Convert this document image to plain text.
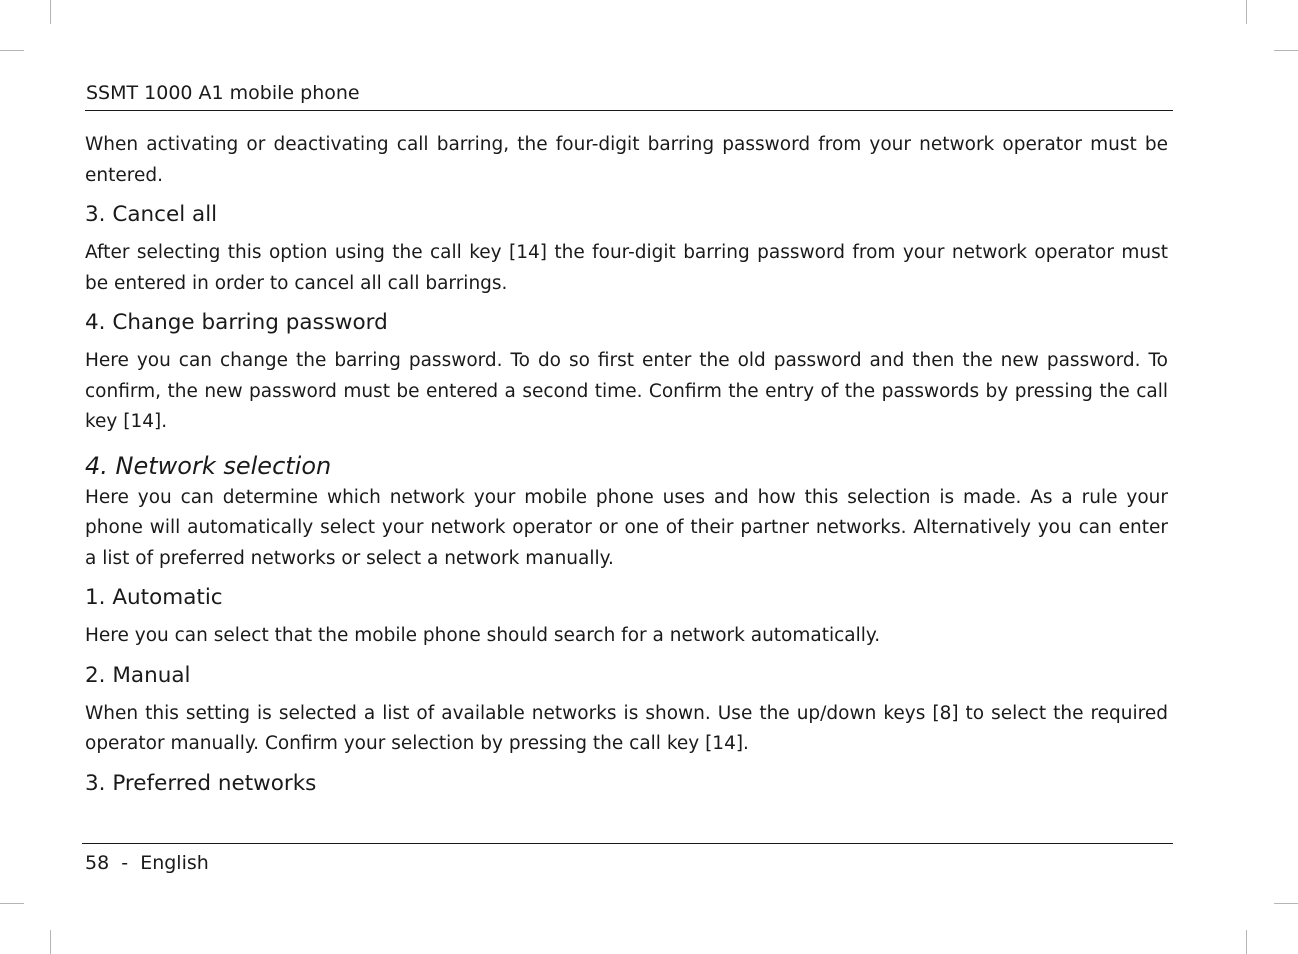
SSMT 1000 A1 mobile phone

When activating or deactivating call barring, the four-digit barring password from your network operator must be entered.

3. Cancel all

After selecting this option using the call key [14] the four-digit barring password from your network operator must be entered in order to cancel all call barrings.

4. Change barring password

Here you can change the barring password. To do so first enter the old password and then the new password. To confirm, the new password must be entered a second time. Confirm the entry of the passwords by pressing the call key [14].

4. Network selection

Here you can determine which network your mobile phone uses and how this selection is made. As a rule your phone will automatically select your network operator or one of their partner networks. Alternatively you can enter a list of preferred networks or select a network manually.

1. Automatic

Here you can select that the mobile phone should search for a network automatically.

2. Manual

When this setting is selected a list of available networks is shown. Use the up/down keys [8] to select the required operator manually. Confirm your selection by pressing the call key [14].

3. Preferred networks
58  -  English
